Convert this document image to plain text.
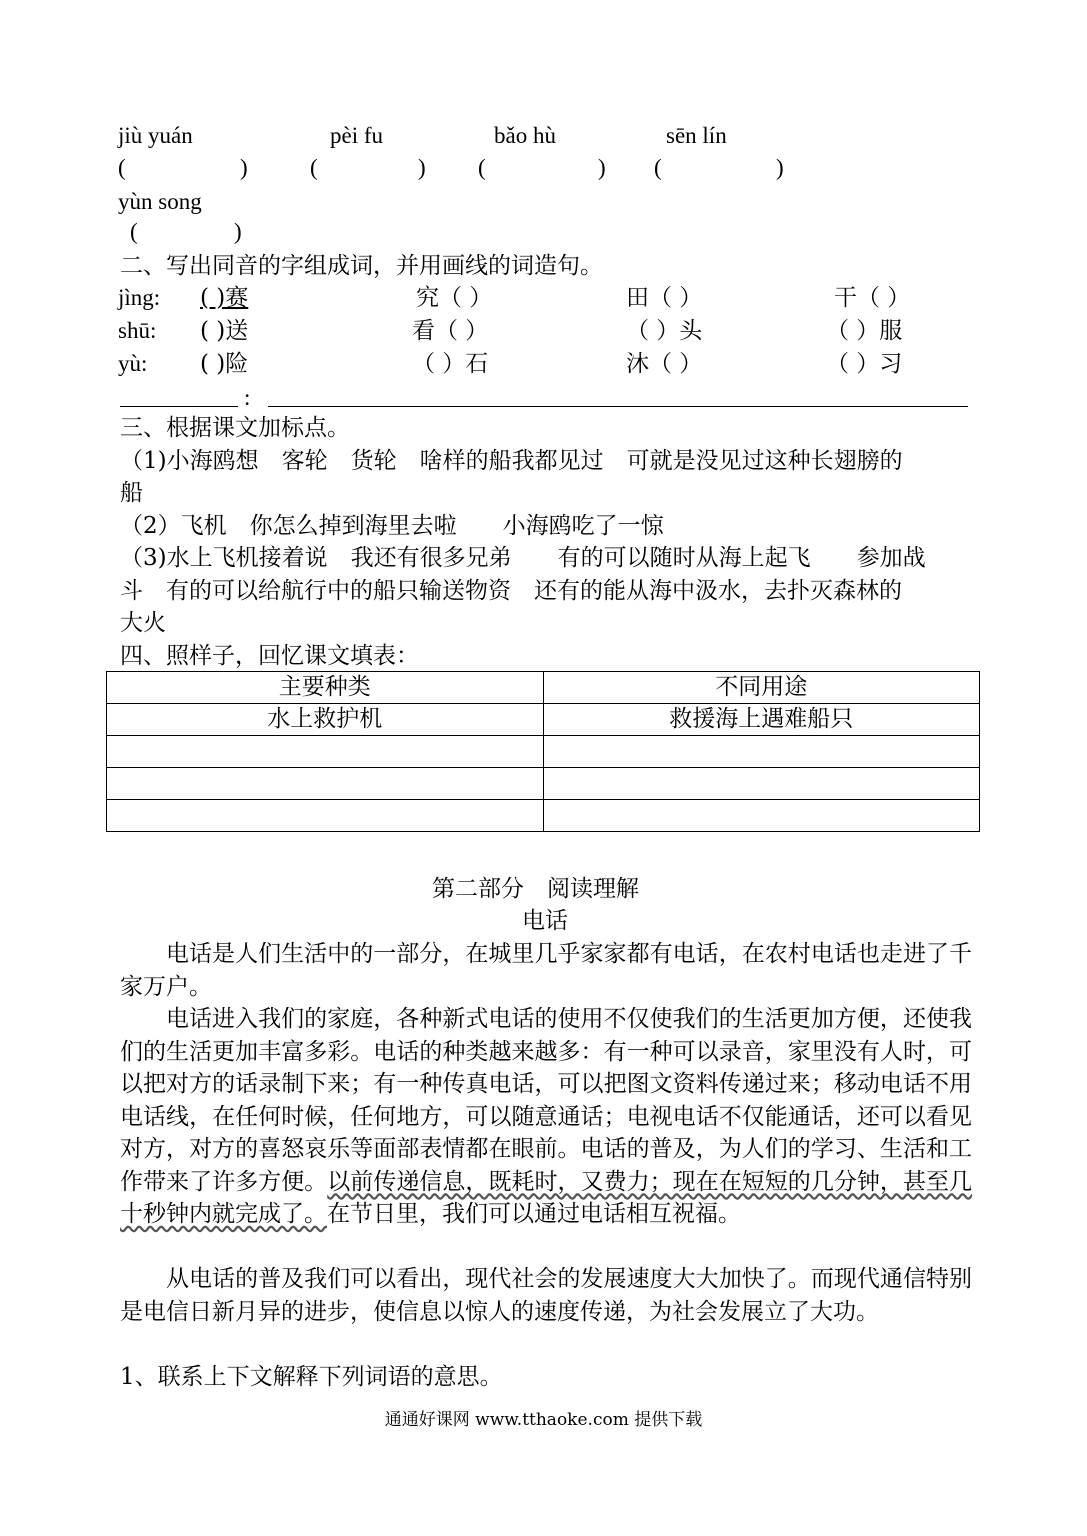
jiù yuán	pèi fu	bǎo hù	sēn lín
(	)	(	) (	) (	)
yùn song
(	)
二、写出同音的字组成词，并用画线的词造句。
jìng: ( )赛	究（ ）	田（ ）	干（ ）
shū: ( )送	看（ ）	（ ）头	（ ）服
yù: ( )险	（ ）石	沐（ ）	（ ）习
:
三、根据课文加标点。
（1)小海鸥想　客轮　货轮　啥样的船我都见过　可就是没见过这种长翅膀的
船
（2）飞机　你怎么掉到海里去啦　　小海鸥吃了一惊
（3)水上飞机接着说　我还有很多兄弟　　有的可以随时从海上起飞　　参加战
斗　有的可以给航行中的船只输送物资　还有的能从海中汲水，去扑灭森林的
大火
四、照样子，回忆课文填表：
主要种类	不同用途
水上救护机	救援海上遇难船只

第二部分　阅读理解
电话
电话是人们生活中的一部分，在城里几乎家家都有电话，在农村电话也走进了千家万户。
电话进入我们的家庭，各种新式电话的使用不仅使我们的生活更加方便，还使我们的生活更加丰富多彩。电话的种类越来越多：有一种可以录音，家里没有人时，可以把对方的话录制下来；有一种传真电话，可以把图文资料传递过来；移动电话不用电话线，在任何时候，任何地方，可以随意通话；电视电话不仅能通话，还可以看见对方，对方的喜怒哀乐等面部表情都在眼前。电话的普及，为人们的学习、生活和工作带来了许多方便。以前传递信息，既耗时，又费力；现在在短短的几分钟，甚至几十秒钟内就完成了。在节日里，我们可以通过电话相互祝福。
从电话的普及我们可以看出，现代社会的发展速度大大加快了。而现代通信特别是电信日新月异的进步，使信息以惊人的速度传递，为社会发展立了大功。
1、联系上下文解释下列词语的意思。
通通好课网 www.tthaoke.com 提供下载
